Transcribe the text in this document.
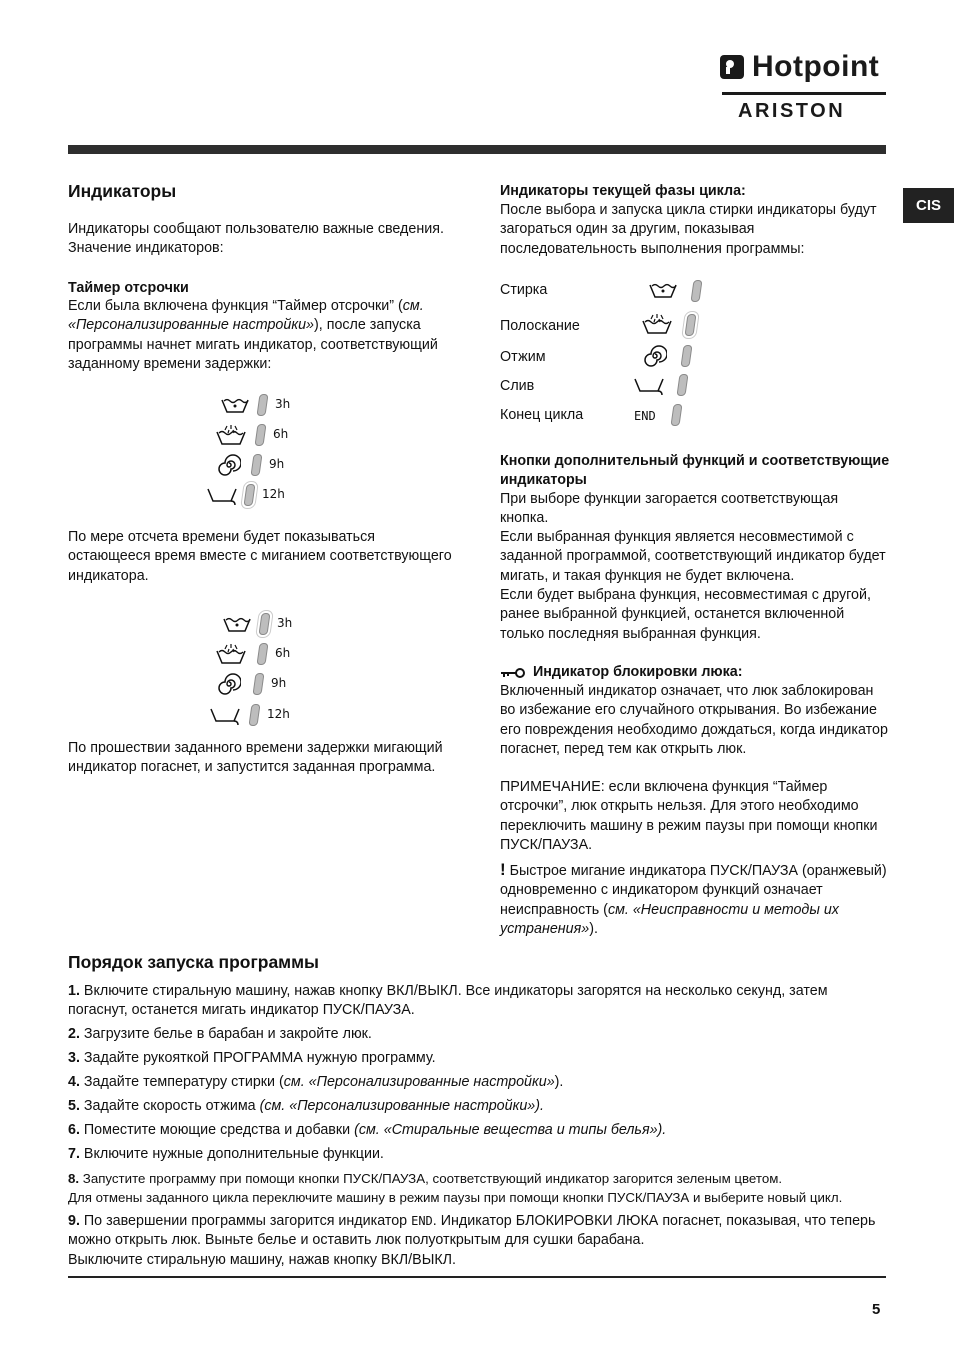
Hotpoint
ARISTON
CIS
Индикаторы

Индикаторы сообщают пользователю важные сведения. Значение индикаторов:

Таймер отсрочки

Если была включена функция “Таймер отсрочки” (см. «Персонализированные настройки»), после запуска программы начнет мигать индикатор, соответствующий заданному времени задержки:

3h
6h
9h
12h

По мере отсчета времени будет показываться остающееся время вместе с миганием соответствующего индикатора.

3h
6h
9h
12h

По прошествии заданного времени задержки мигающий индикатор погаснет, и запустится заданная программа.

Индикаторы текущей фазы цикла:

После выбора и запуска цикла стирки индикаторы будут загораться один за другим, показывая последовательность выполнения программы:

Стирка
Полоскание
Отжим
Слив
Конец цикла	END

Кнопки дополнительный функций и соответствующие индикаторы

При выборе функции загорается соответствующая кнопка.

Если выбранная функция является несовместимой с заданной программой, соответствующий индикатор будет мигать, и такая функция не будет включена.

Если будет выбрана функция, несовместимая с другой, ранее выбранной функцией, останется включенной только последняя выбранная функция.

Индикатор блокировки люка:

Включенный индикатор означает, что люк заблокирован во избежание его случайного открывания. Во избежание его повреждения необходимо дождаться, когда индикатор погаснет, перед тем как открыть люк.

ПРИМЕЧАНИЕ: если включена функция “Таймер отсрочки”, люк открыть нельзя. Для этого необходимо переключить машину в режим паузы при помощи кнопки ПУСК/ПАУЗА.

! Быстрое мигание индикатора ПУСК/ПАУЗА (оранжевый) одновременно с индикатором функций означает неисправность (см. «Неисправности и методы их устранения»).

Порядок запуска программы

1. Включите стиральную машину, нажав кнопку ВКЛ/ВЫКЛ. Все индикаторы загорятся на несколько секунд, затем погаснут, останется мигать индикатор ПУСК/ПАУЗА.

2. Загрузите белье в барабан и закройте люк.

3. Задайте рукояткой ПРОГРАММА нужную программу.

4. Задайте температуру стирки (см. «Персонализированные настройки»).

5. Задайте скорость отжима (см. «Персонализированные настройки»).

6. Поместите моющие средства и добавки (см. «Стиральные вещества и типы белья»).

7. Включите нужные дополнительные функции.

8. Запустите программу при помощи кнопки ПУСК/ПАУЗА, соответствующий индикатор загорится зеленым цветом.
Для отмены заданного цикла переключите машину в режим паузы при помощи кнопки ПУСК/ПАУЗА и выберите новый цикл.

9. По завершении программы загорится индикатор END. Индикатор БЛОКИРОВКИ ЛЮКА погаснет, показывая, что теперь можно открыть люк. Выньте белье и оставить люк полуоткрытым для сушки барабана.
Выключите стиральную машину, нажав кнопку ВКЛ/ВЫКЛ.

5
